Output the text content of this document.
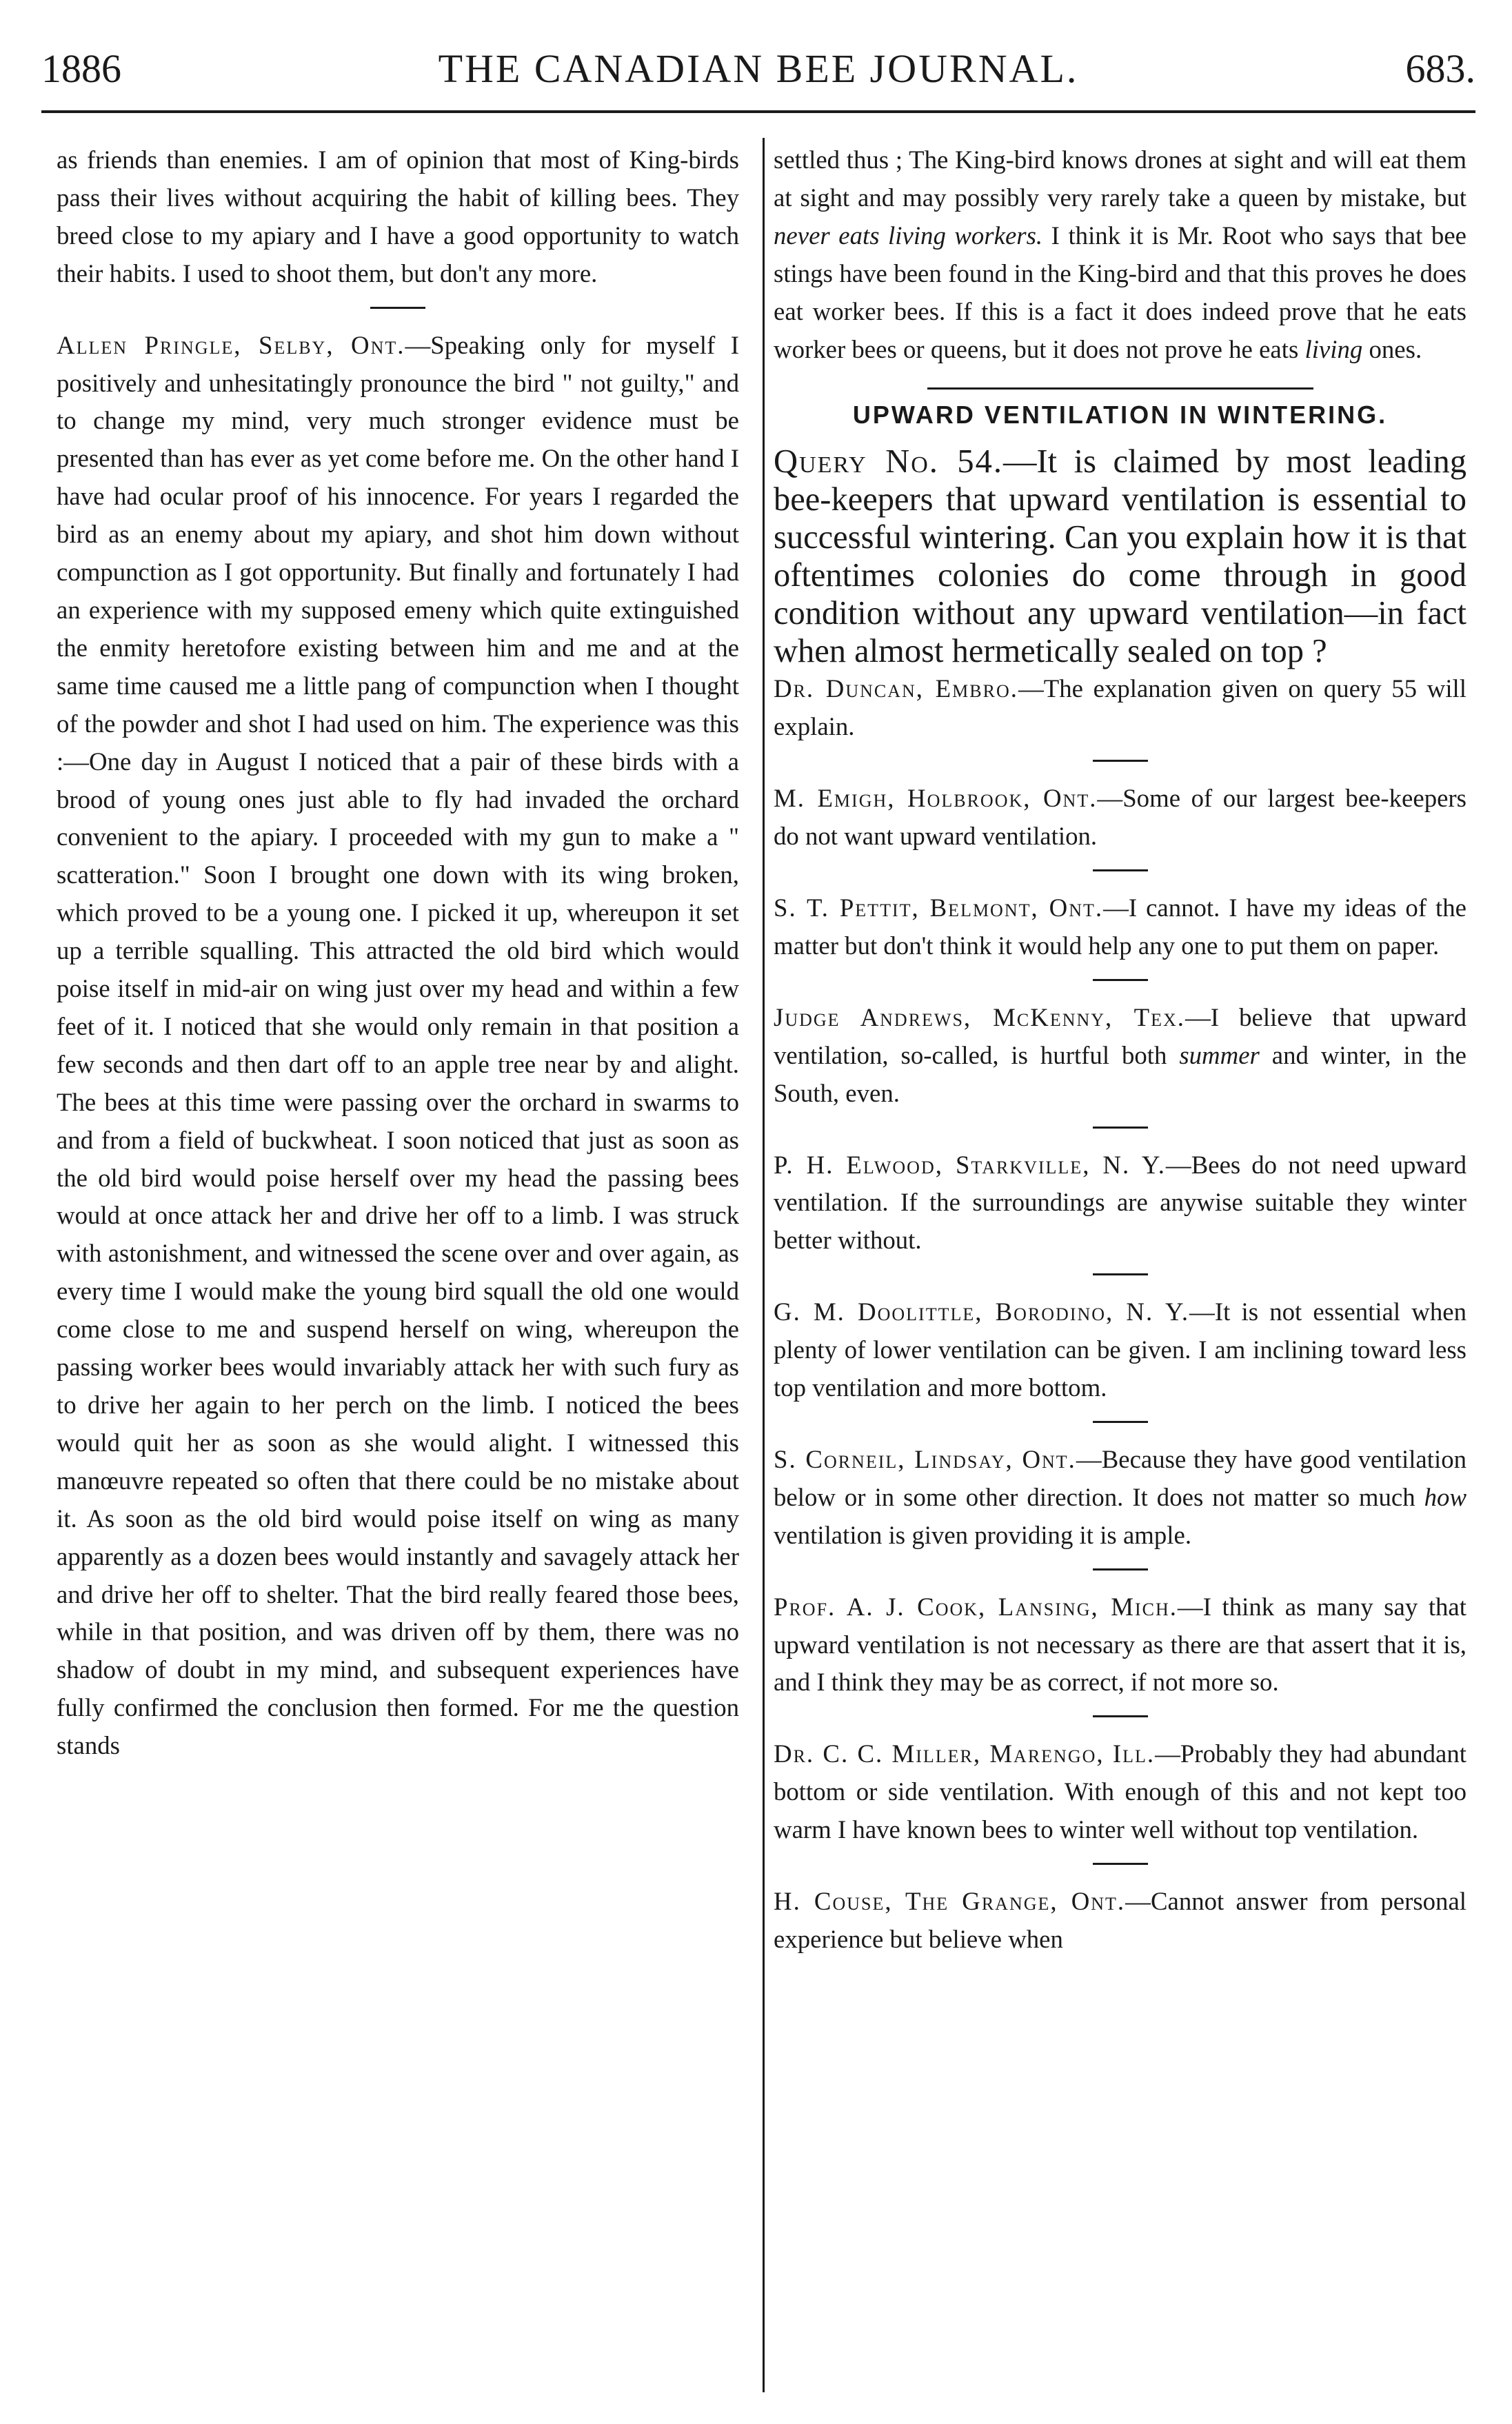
1886	THE CANADIAN BEE JOURNAL.	683.

as friends than enemies. I am of opinion that most of King-birds pass their lives without acquiring the habit of killing bees. They breed close to my apiary and I have a good opportunity to watch their habits. I used to shoot them, but don't any more.

Allen Pringle, Selby, Ont.—Speaking only for myself I positively and unhesitatingly pronounce the bird " not guilty," and to change my mind, very much stronger evidence must be presented than has ever as yet come before me. On the other hand I have had ocular proof of his innocence. For years I regarded the bird as an enemy about my apiary, and shot him down without compunction as I got opportunity. But finally and fortunately I had an experience with my supposed emeny which quite extinguished the enmity heretofore existing between him and me and at the same time caused me a little pang of compunction when I thought of the powder and shot I had used on him. The experience was this :—One day in August I noticed that a pair of these birds with a brood of young ones just able to fly had invaded the orchard convenient to the apiary. I proceeded with my gun to make a " scatteration." Soon I brought one down with its wing broken, which proved to be a young one. I picked it up, whereupon it set up a terrible squalling. This attracted the old bird which would poise itself in mid-air on wing just over my head and within a few feet of it. I noticed that she would only remain in that position a few seconds and then dart off to an apple tree near by and alight. The bees at this time were passing over the orchard in swarms to and from a field of buckwheat. I soon noticed that just as soon as the old bird would poise herself over my head the passing bees would at once attack her and drive her off to a limb. I was struck with astonishment, and witnessed the scene over and over again, as every time I would make the young bird squall the old one would come close to me and suspend herself on wing, whereupon the passing worker bees would invariably attack her with such fury as to drive her again to her perch on the limb. I noticed the bees would quit her as soon as she would alight. I witnessed this manœuvre repeated so often that there could be no mistake about it. As soon as the old bird would poise itself on wing as many apparently as a dozen bees would instantly and savagely attack her and drive her off to shelter. That the bird really feared those bees, while in that position, and was driven off by them, there was no shadow of doubt in my mind, and subsequent experiences have fully confirmed the conclusion then formed. For me the question stands

settled thus ; The King-bird knows drones at sight and will eat them at sight and may possibly very rarely take a queen by mistake, but never eats living workers. I think it is Mr. Root who says that bee stings have been found in the King-bird and that this proves he does eat worker bees. If this is a fact it does indeed prove that he eats worker bees or queens, but it does not prove he eats living ones.

UPWARD VENTILATION IN WINTERING.

Query No. 54.—It is claimed by most leading bee-keepers that upward ventilation is essential to successful wintering. Can you explain how it is that oftentimes colonies do come through in good condition without any upward ventilation—in fact when almost hermetically sealed on top ?

Dr. Duncan, Embro.—The explanation given on query 55 will explain.

M. Emigh, Holbrook, Ont.—Some of our largest bee-keepers do not want upward ventilation.

S. T. Pettit, Belmont, Ont.—I cannot. I have my ideas of the matter but don't think it would help any one to put them on paper.

Judge Andrews, McKenny, Tex.—I believe that upward ventilation, so-called, is hurtful both summer and winter, in the South, even.

P. H. Elwood, Starkville, N. Y.—Bees do not need upward ventilation. If the surroundings are anywise suitable they winter better without.

G. M. Doolittle, Borodino, N. Y.—It is not essential when plenty of lower ventilation can be given. I am inclining toward less top ventilation and more bottom.

S. Corneil, Lindsay, Ont.—Because they have good ventilation below or in some other direction. It does not matter so much how ventilation is given providing it is ample.

Prof. A. J. Cook, Lansing, Mich.—I think as many say that upward ventilation is not necessary as there are that assert that it is, and I think they may be as correct, if not more so.

Dr. C. C. Miller, Marengo, Ill.—Probably they had abundant bottom or side ventilation. With enough of this and not kept too warm I have known bees to winter well without top ventilation.

H. Couse, The Grange, Ont.—Cannot answer from personal experience but believe when
